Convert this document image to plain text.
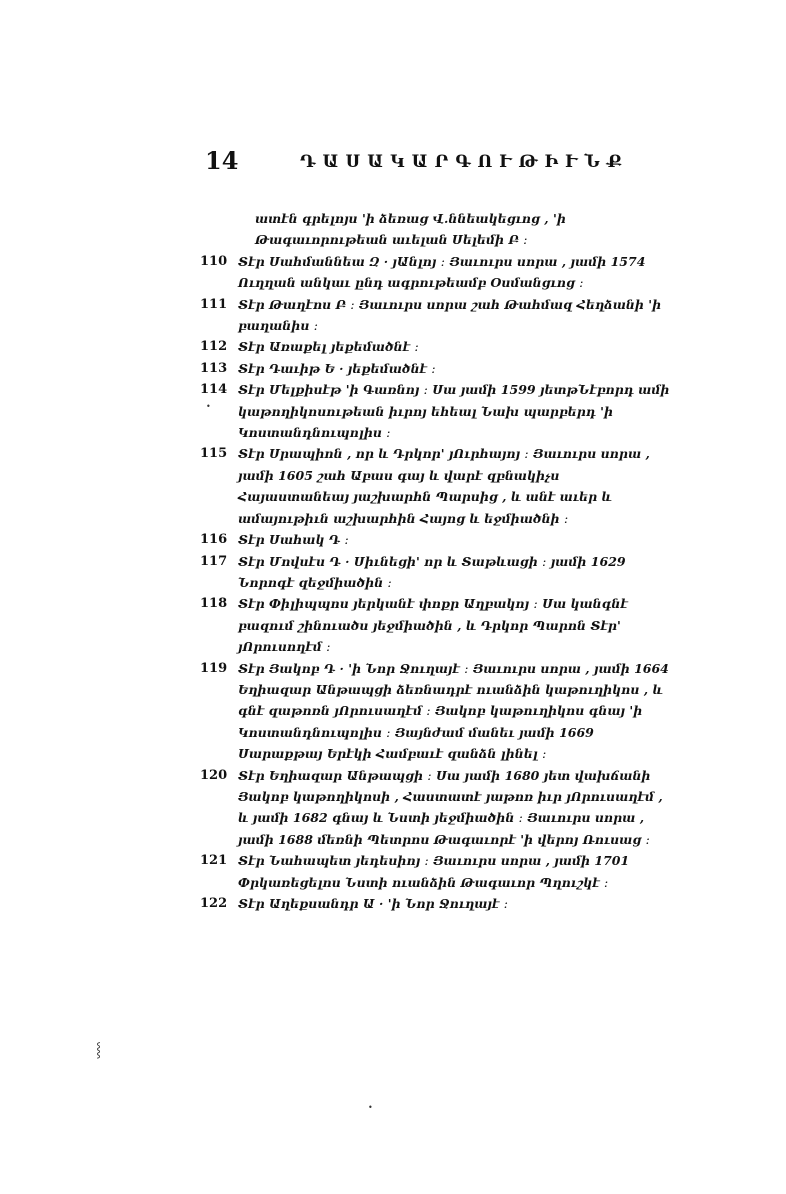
14	ԴԱՍԱԿԱՐԳՈՒԹԻՒՆՔ
ատէն գրելոյս 'ի ձեռաց Վ.ննեակեցւոց , 'ի Թագաւորութեան աւելան Սելեմի Բ ։
110 Տէր Սահմաննեա Զ · յԱնլոյ ։ Յաւուրս սորա , յամի 1574 Ուղղան անկաւ ընդ ագրութեամբ Օսմանցւոց ։
111 Տէր Թաղէոս Բ ։ Յաւուրս սորա շահ Թահմազ Հեղձանի 'ի բաղանիս ։
112 Տէր Առաքել յեքեմածնէ ։
113 Տէր Դաւիթ Ե · յեքեմածնէ ։
114 Տէր Մելքիսէթ 'ի Գառնոյ ։ Սա յամի 1599 յետթՆէբորդ ամի կաթողիկոսութեան իւրոյ եհեալ Նախ պարբերդ 'ի Կոստանդնուպոլիս ։
115 Տէր Սրապիոն , որ և Դրկոր' յՈւրհայոյ ։ Յաւուրս սորա , յամի 1605 շահ Աբաս գայ և վարէ զբնակիչս Հայաստանեայ յաշխարհն Պարսից , և անէ աւեր և ամայութիւն աշխարհին Հայոց և եջմիածնի ։
116 Տէր Սահակ Դ ։
117 Տէր Մովսէս Դ · Սիւնեցի' որ և Տաթևացի ։ յամի 1629 Նորոգէ զեջմիածին ։
118 Տէր Փիլիպպոս յերկանէ փոքր Աղբակոյ ։ Սա կանգնէ բազում շինուածս յեջմիածին , և Դրկոր Պարոն Տէր' յՈրուսողէմ ։
119 Տէր Յակոբ Դ · 'ի Նոր Ջուղայէ ։ Յաւուրս սորա , յամի 1664 Եղիազար Անթապցի ձեռնադրէ ուանձին կաթուղիկոս , և գնէ զաթոռն յՈրուսաղէմ ։ Յակոբ կաթուղիկոս գնայ 'ի Կոստանդնուպոլիս ։ Յայնժամ մանեւ յամի 1669 Սարաքթայ Երէկի Համբաւէ զանձն լինել ։
120 Տէր Եղիազար Անթապցի ։ Սա յամի 1680 յետ վախճանի Յակոբ կաթողիկոսի , Հաստատէ յաթոռ իւր յՈրուսաղէմ , և յամի 1682 գնայ և Նստի յեջմիածին ։ Յաւուրս սորա , յամի 1688 մեռնի Պետրոս Թագաւորէ 'ի վերոյ Ռուսաց ։
121 Տէր Նահապետ յեդեսիոյ ։ Յաւուրս սորա , յամի 1701 Փրկառեցելոս Նստի ուանձին Թագաւոր Պղուշկէ ։
122 Տէր Աղեքսանդր Ա · 'ի Նոր Ջուղայէ ։
⸾
•
•
